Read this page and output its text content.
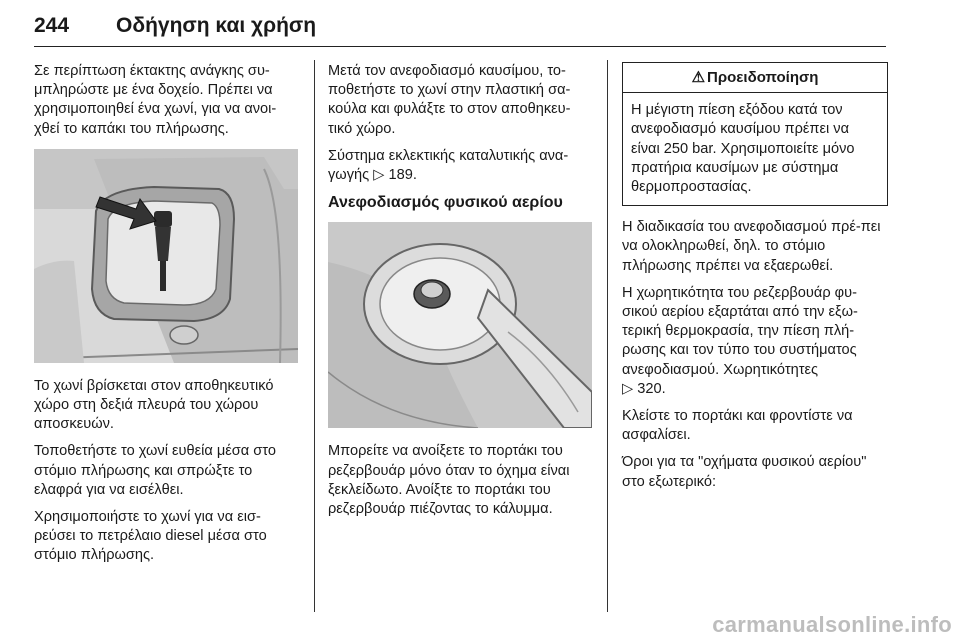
244 Οδήγηση και χρήση

Σε περίπτωση έκτακτης ανάγκης συ-μπληρώστε με ένα δοχείο. Πρέπει να χρησιμοποιηθεί ένα χωνί, για να ανοι-χθεί το καπάκι του πλήρωσης.

Το χωνί βρίσκεται στον αποθηκευτικό χώρο στη δεξιά πλευρά του χώρου αποσκευών.

Τοποθετήστε το χωνί ευθεία μέσα στο στόμιο πλήρωσης και σπρώξτε το ελαφρά για να εισέλθει.

Χρησιμοποιήστε το χωνί για να εισ-ρεύσει το πετρέλαιο diesel μέσα στο στόμιο πλήρωσης.

Μετά τον ανεφοδιασμό καυσίμου, το-ποθετήστε το χωνί στην πλαστική σα-κούλα και φυλάξτε το στον αποθηκευ-τικό χώρο.

Σύστημα εκλεκτικής καταλυτικής ανα-γωγής ▷ 189.

Ανεφοδιασμός φυσικού αερίου

Μπορείτε να ανοίξετε το πορτάκι του ρεζερβουάρ μόνο όταν το όχημα είναι ξεκλείδωτο. Ανοίξτε το πορτάκι του ρεζερβουάρ πιέζοντας το κάλυμμα.

⚠ Προειδοποίηση
Η μέγιστη πίεση εξόδου κατά τον ανεφοδιασμό καυσίμου πρέπει να είναι 250 bar. Χρησιμοποιείτε μόνο πρατήρια καυσίμων με σύστημα θερμοπροστασίας.

Η διαδικασία του ανεφοδιασμού πρέ-πει να ολοκληρωθεί, δηλ. το στόμιο πλήρωσης πρέπει να εξαερωθεί.

Η χωρητικότητα του ρεζερβουάρ φυ-σικού αερίου εξαρτάται από την εξω-τερική θερμοκρασία, την πίεση πλή-ρωσης και τον τύπο του συστήματος ανεφοδιασμού. Χωρητικότητες
▷ 320.

Κλείστε το πορτάκι και φροντίστε να ασφαλίσει.

Όροι για τα "οχήματα φυσικού αερίου" στο εξωτερικό:

carmanualsonline.info
